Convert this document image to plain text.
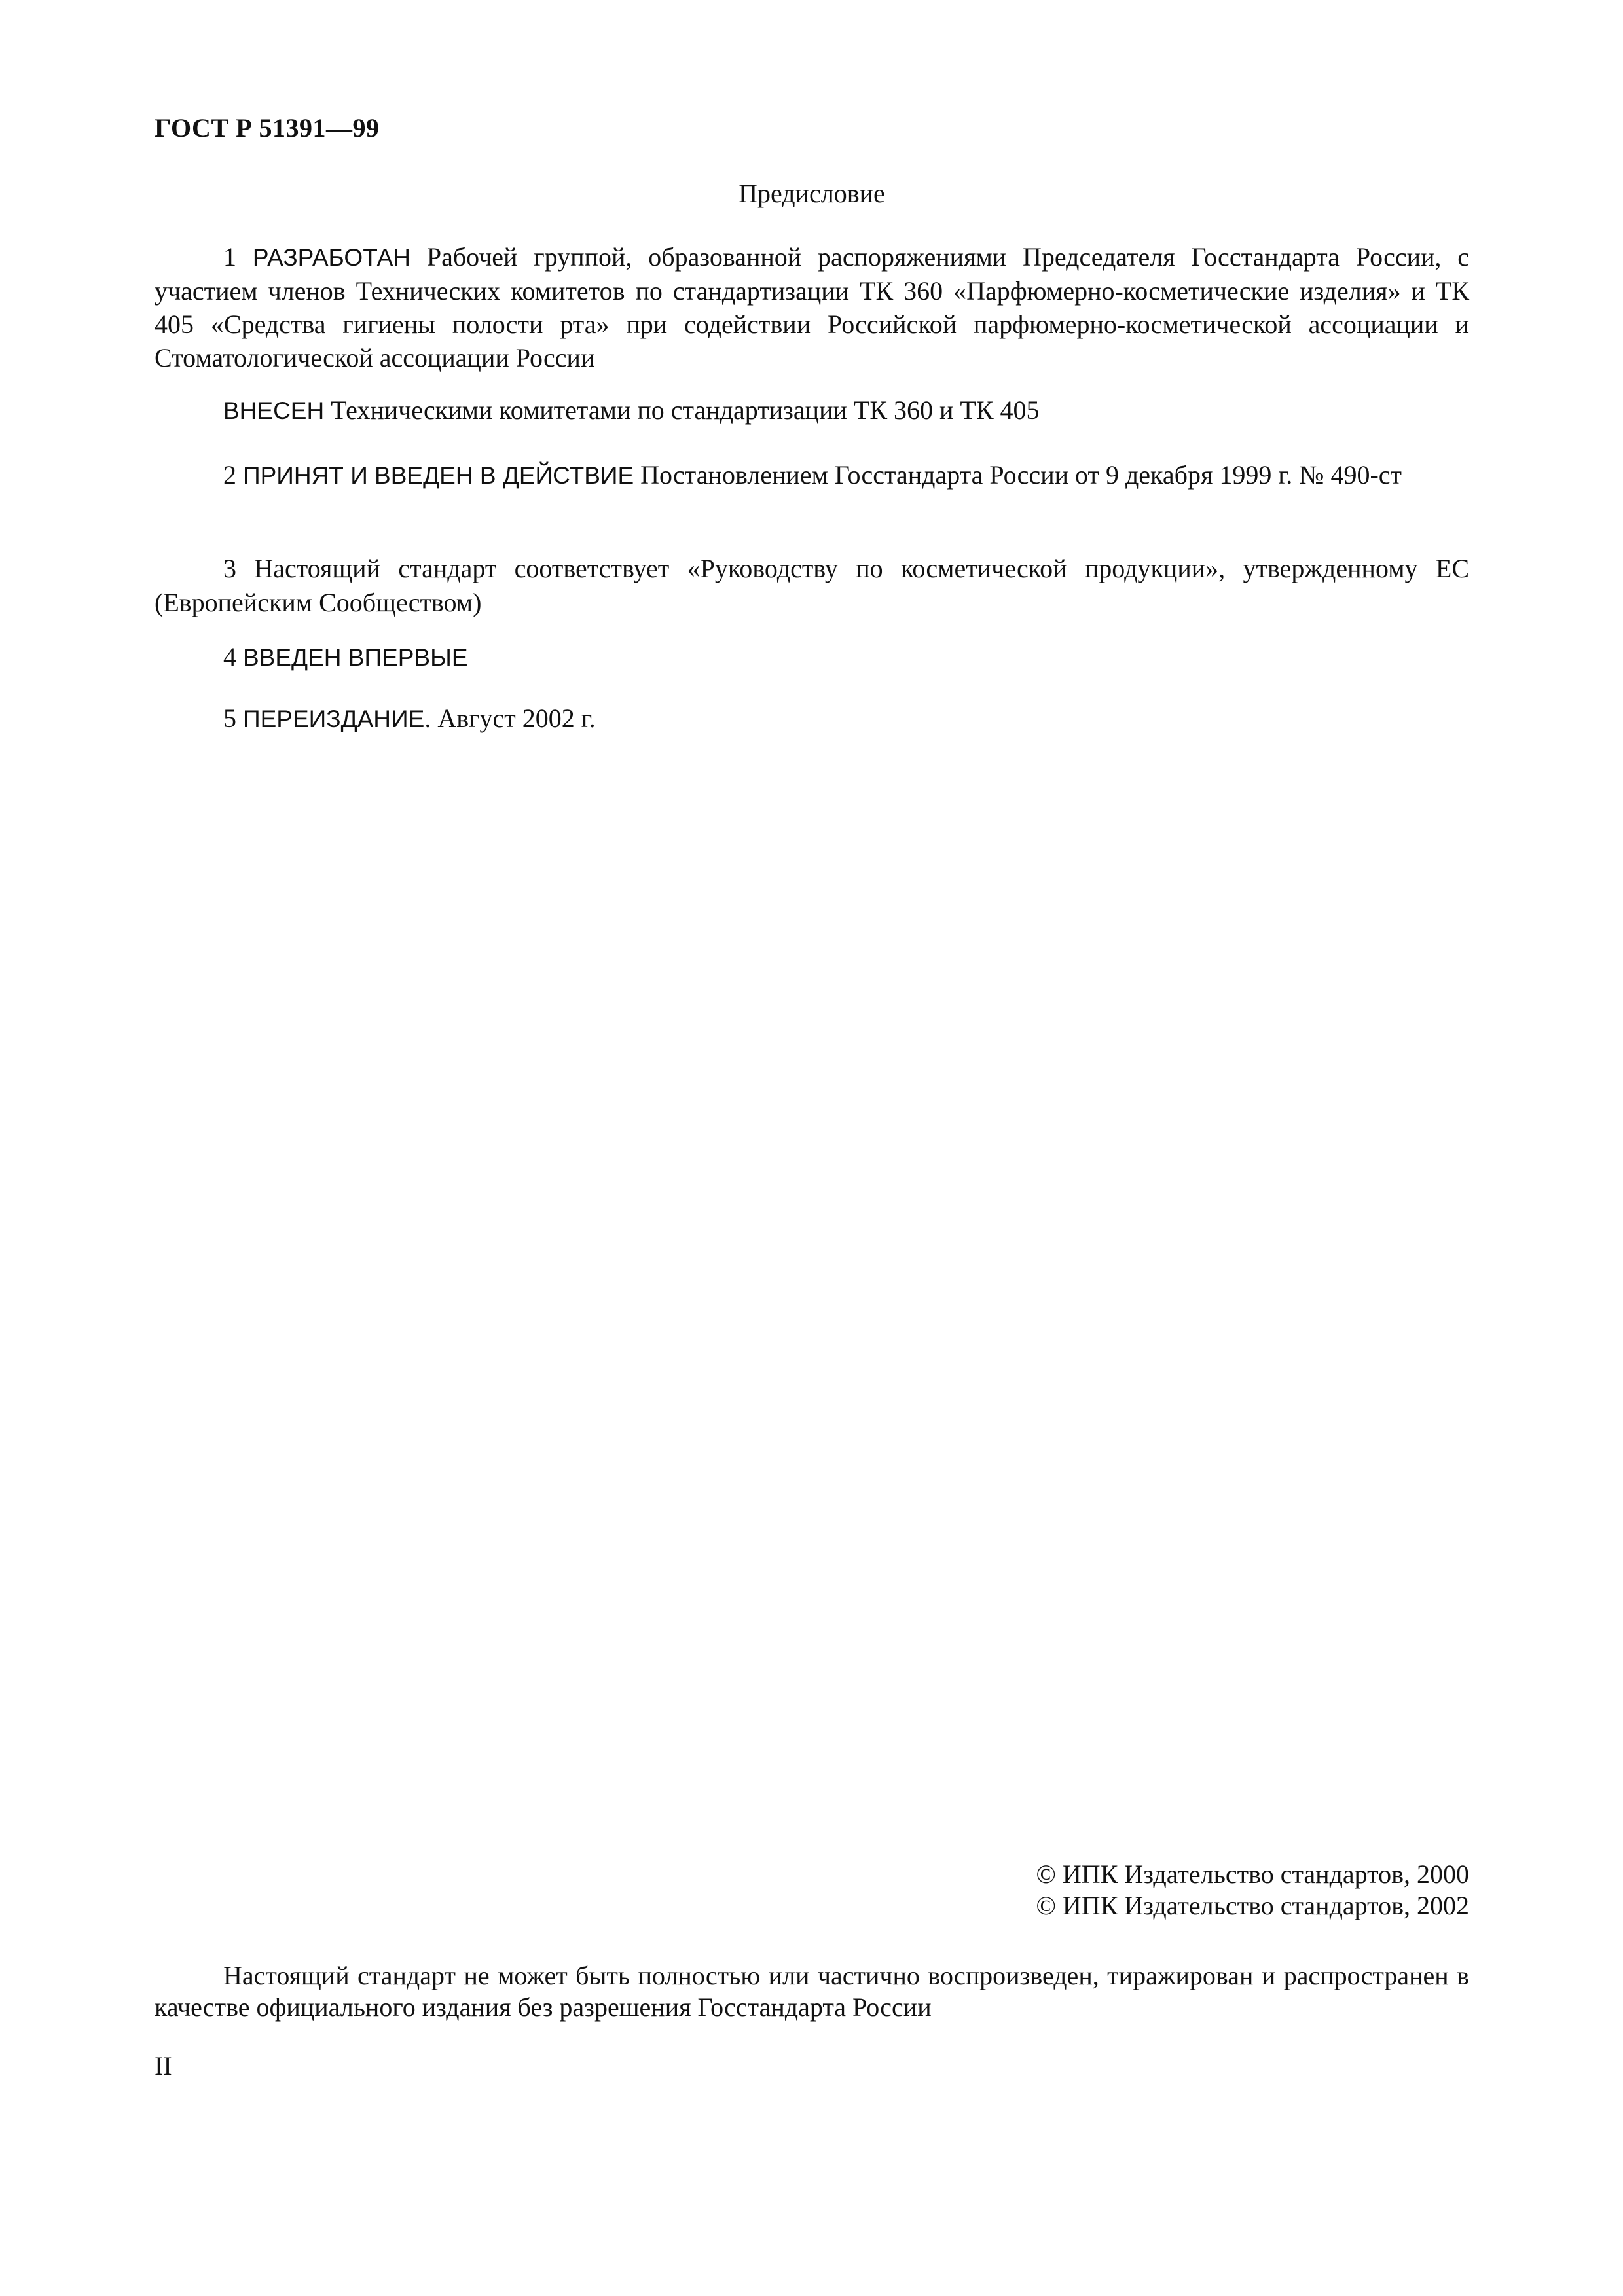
ГОСТ Р 51391—99
Предисловие

1 РАЗРАБОТАН Рабочей группой, образованной распоряжениями Председателя Госстандарта России, с участием членов Технических комитетов по стандартизации ТК 360 «Парфюмерно-косметические изделия» и ТК 405 «Средства гигиены полости рта» при содействии Российской парфюмерно-косметической ассоциации и Стоматологической ассоциации России

ВНЕСЕН Техническими комитетами по стандартизации ТК 360 и ТК 405

2 ПРИНЯТ И ВВЕДЕН В ДЕЙСТВИЕ Постановлением Госстандарта России от 9 декабря 1999 г. № 490-ст

3 Настоящий стандарт соответствует «Руководству по косметической продукции», утвержденному ЕС (Европейским Сообществом)

4 ВВЕДЕН ВПЕРВЫЕ

5 ПЕРЕИЗДАНИЕ. Август 2002 г.

© ИПК Издательство стандартов, 2000
© ИПК Издательство стандартов, 2002

Настоящий стандарт не может быть полностью или частично воспроизведен, тиражирован и распространен в качестве официального издания без разрешения Госстандарта России

II
